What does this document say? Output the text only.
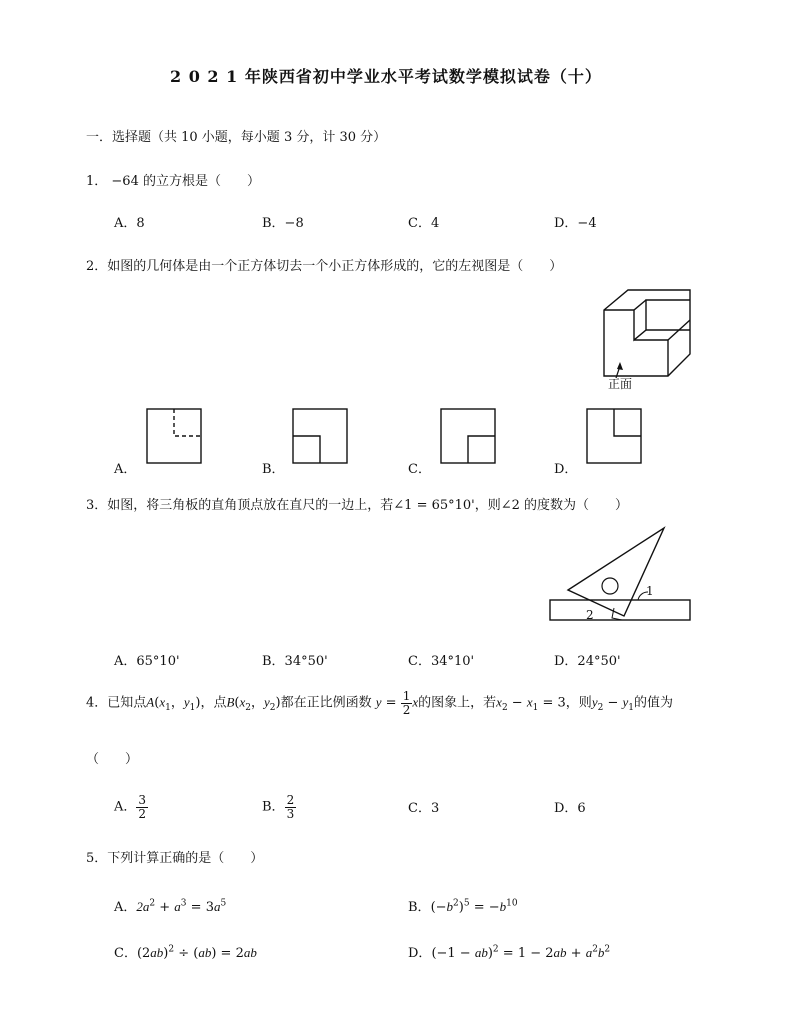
2 0 2 1 年陕西省初中学业水平考试数学模拟试卷（十）
一．选择题（共 10 小题，每小题 3 分，计 30 分）
1． −64 的立方根是（　　）
A．8	B．−8	C．4	D．−4
2．如图的几何体是由一个正方体切去一个小正方体形成的，它的左视图是（　　）
正面
A．	B．	C．	D．
3．如图，将三角板的直角顶点放在直尺的一边上，若∠1 = 65°10'，则∠2 的度数为（　　）
1
2
A．65°10'	B．34°50'	C．34°10'	D．24°50'
4．已知点$A(x_1$，$y_1$)，点$B(x_2$，$y_2$)都在正比例函数 $y = \frac{1}{2}$ x的图象上，若$x_2 - x_1 = 3$，则$y_2 - y_1$的值为
（　　）
A． $\frac{3}{2}$	B． $\frac{2}{3}$	C．3	D．6
5．下列计算正确的是（　　）
A．$2a^2 + a^3 = 3a^5$	B．$(-b^2)^5 = -b^{10}$
C．$(2ab)^2 \div (ab) = 2ab$	D．$(-1 - ab)^2 = 1 - 2ab + a^2b^2$
